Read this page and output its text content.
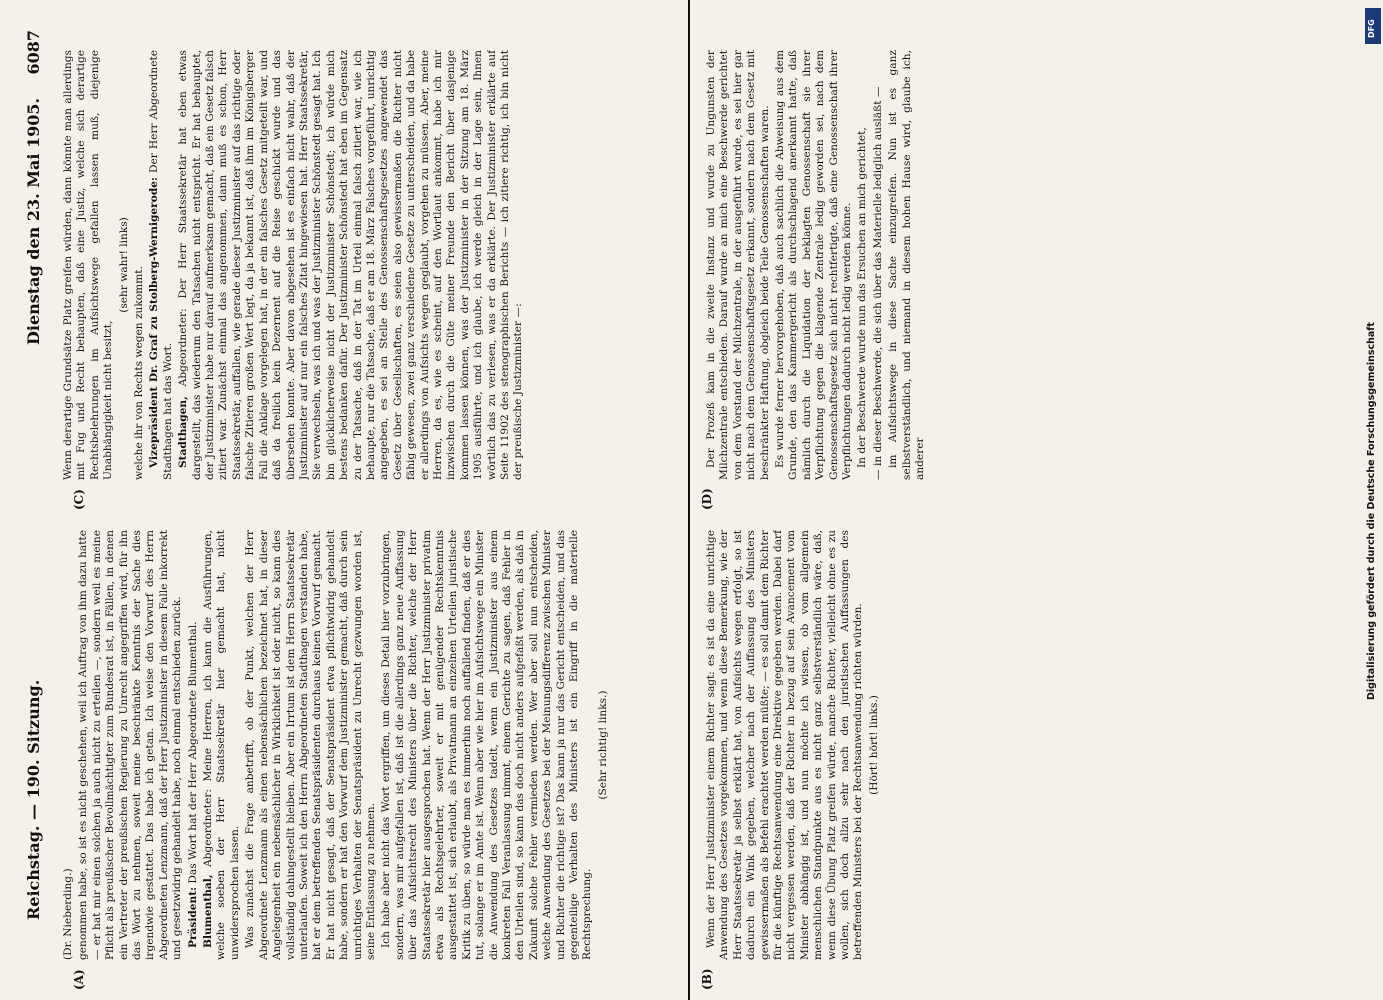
Reichstag. — 190. Sitzung.
Dienstag den 23. Mai 1905.
6087
(A)	(B)
(C)	(D)

(Dr. Nieberding.) genommen habe, so ist es nicht geschehen, weil ich Auftrag von ihm dazu hatte — er hat mir einen solchen ja auch nicht zu erteilen —, sondern weil es meine Pflicht als preußischer Bevollmächtigter zum Bundesrat ist, in Fällen, in denen ein Vertreter der preußischen Regierung zu Unrecht angegriffen wird, für ihn das Wort zu nehmen, soweit meine beschränkte Kenntnis der Sache dies irgendwie gestattet. Das habe ich getan. Ich weise den Vorwurf des Herrn Abgeordneten Lenzmann, daß der Herr Justizminister in diesem Falle inkorrekt und gesetzwidrig gehandelt habe, noch einmal entschieden zurück. Präsident: Das Wort hat der Herr Abgeordnete Blumenthal.

Blumenthal, Abgeordneter: Meine Herren, ich kann die Ausführungen, welche soeben der Herr Staatssekretär hier gemacht hat, nicht unwidersprochen lassen. Was zunächst die Frage anbetrifft, ob der Punkt, welchen der Herr Abgeordnete Lenzmann als einen nebensächlichen bezeichnet hat, in dieser Angelegenheit ein nebensächlicher in Wirklichkeit ist oder nicht, so kann dies vollständig dahingestellt bleiben. Aber ein Irrtum ist dem Herrn Staatssekretär unterlaufen. Soweit ich den Herrn Abgeordneten Stadthagen verstanden habe, hat er dem betreffenden Senatspräsidenten durchaus keinen Vorwurf gemacht. Er hat nicht gesagt, daß der Senatspräsident etwa pflichtwidrig gehandelt habe, sondern er hat den Vorwurf dem Justizminister gemacht, daß durch sein unrichtiges Verhalten der Senatspräsident zu Unrecht gezwungen worden ist, seine Entlassung zu nehmen. Ich habe aber nicht das Wort ergriffen, um dieses Detail hier vorzubringen, sondern, was mir aufgefallen ist, daß ist die allerdings ganz neue Auffassung über das Aufsichtsrecht des Ministers über die Richter, welche der Herr Staatssekretär hier ausgesprochen hat. Wenn der Herr Justizminister privatim etwa als Rechtsgelehrter, soweit er mit genügender Rechtskenntnis ausgestattet ist, sich erlaubt, als Privatmann an einzelnen Urteilen juristische Kritik zu üben, so würde man es immerhin noch auffallend finden, daß er dies tut, solange er im Amte ist. Wenn aber wie hier im Aufsichtswege ein Minister die Anwendung des Gesetzes tadelt, wenn ein Justizminister aus einem konkreten Fall Veranlassung nimmt, einem Gerichte zu sagen, daß Fehler in den Urteilen sind, so kann das doch nicht anders aufgefaßt werden, als daß in Zukunft solche Fehler vermieden werden. Wer aber soll nun entscheiden, welche Anwendung des Gesetzes bei der Meinungsdifferenz zwischen Minister und Richter die richtige ist? Das kann ja nur das Gericht entscheiden, und das gegenteilige Verhalten des Ministers ist ein Eingriff in die materielle Rechtsprechung.

(Sehr richtig! links.)

Wenn derartige Grundsätze Platz greifen würden, dann könnte man allerdings mit Fug und Recht behaupten, daß eine Justiz, welche sich derartige Rechtsbelehrungen im Aufsichtswege gefallen lassen muß, diejenige Unabhängigkeit nicht besitzt,

(sehr wahr! links)

welche ihr von Rechts wegen zukommt. Vizepräsident Dr. Graf zu Stolberg-Wernigerode: Der Herr Abgeordnete Stadthagen hat das Wort. Stadthagen, Abgeordneter: Der Herr Staatssekretär hat eben etwas dargestellt, das wiederum den Tatsachen nicht entspricht. Er hat behauptet, der Justizminister habe nur darauf aufmerksam gemacht, daß ein Gesetz falsch zitiert war. Zunächst einmal das angenommen, dann muß es schon, Herr Staatssekretär, auffallen, wie gerade dieser Justizminister auf das richtige oder falsche Zitieren großen Wert legt, da ja bekannt ist, daß ihm im Königsberger Fall die Anklage vorgelegen hat, in der ein falsches Gesetz mitgeteilt war, und daß da freilich kein Dezernent auf die Reise geschickt wurde und das übersehen konnte. Aber davon abgesehen ist es einfach nicht wahr, daß der Justizminister auf nur ein falsches Zitat hingewiesen hat. Herr Staatssekretär, Sie verwechseln, was ich und was der Justizminister Schönstedt gesagt hat. Ich bin glücklicherweise nicht der Justizminister Schönstedt; ich würde mich bestens bedanken dafür. Der Justizminister Schönstedt hat eben im Gegensatz zu der Tatsache, daß in der Tat im Urteil einmal falsch zitiert war, wie ich behaupte, nur die Tatsache, daß er am 18. März Falsches vorgeführt, unrichtig angegeben, es sei an Stelle des Genossenschaftsgesetzes angewendet das Gesetz über Gesellschaften, es seien also gewissermaßen die Richter nicht fähig gewesen, zwei ganz verschiedene Gesetze zu unterscheiden, und da habe er allerdings von Aufsichts wegen geglaubt, vorgehen zu müssen. Aber, meine Herren, da es, wie es scheint, auf den Wortlaut ankommt, habe ich mir inzwischen durch die Güte meiner Freunde den Bericht über dasjenige kommen lassen können, was der Justizminister in der Sitzung am 18. März 1905 ausführte, und ich glaube, ich werde gleich in der Lage sein, Ihnen wörtlich das zu verlesen, was er da erklärte. Der Justizminister erklärte auf Seite 11902 des stenographischen Berichts — ich zitiere richtig, ich bin nicht der preußische Justizminister —:

Wenn der Herr Justizminister einem Richter sagt: es ist da eine unrichtige Anwendung des Gesetzes vorgekommen, und wenn diese Bemerkung, wie der Herr Staatssekretär ja selbst erklärt hat, von Aufsichts wegen erfolgt, so ist dadurch ein Wink gegeben, welcher nach der Auffassung des Ministers gewissermaßen als Befehl erachtet werden müßte; — es soll damit dem Richter für die künftige Rechtsanwendung eine Direktive gegeben werden. Dabei darf nicht vergessen werden, daß der Richter in bezug auf sein Avancement vom Minister abhängig ist, und nun möchte ich wissen, ob vom allgemein menschlichen Standpunkte aus es nicht ganz selbstverständlich wäre, daß, wenn diese Übung Platz greifen würde, manche Richter, vielleicht ohne es zu wollen, sich doch allzu sehr nach den juristischen Auffassungen des betreffenden Ministers bei der Rechtsanwendung richten würden. (Hört! hört! links.)

Der Prozeß kam in die zweite Instanz und wurde zu Ungunsten der Milchzentrale entschieden. Darauf wurde an mich eine Beschwerde gerichtet von dem Vorstand der Milchzentrale, in der ausgeführt wurde, es sei hier gar nicht nach dem Genossenschaftsgesetz erkannt, sondern nach dem Gesetz mit beschränkter Haftung, obgleich beide Teile Genossenschaften waren. Es wurde ferner hervorgehoben, daß auch sachlich die Abweisung aus dem Grunde, den das Kammergericht als durchschlagend anerkannt hatte, daß nämlich durch die Liquidation der beklagten Genossenschaft sie ihrer Verpflichtung gegen die klagende Zentrale ledig geworden sei, nach dem Genossenschaftsgesetz sich nicht rechtfertigte, daß eine Genossenschaft ihrer Verpflichtungen dadurch nicht ledig werden könne. In der Beschwerde wurde nun das Ersuchen an mich gerichtet, — in dieser Beschwerde, die sich über das Materielle lediglich ausläßt — im Aufsichtswege in diese Sache einzugreifen. Nun ist es ganz selbstverständlich, und niemand in diesem hohen Hause wird, glaube ich, anderer

DFG
Digitalisierung gefördert durch die Deutsche Forschungsgemeinschaft
